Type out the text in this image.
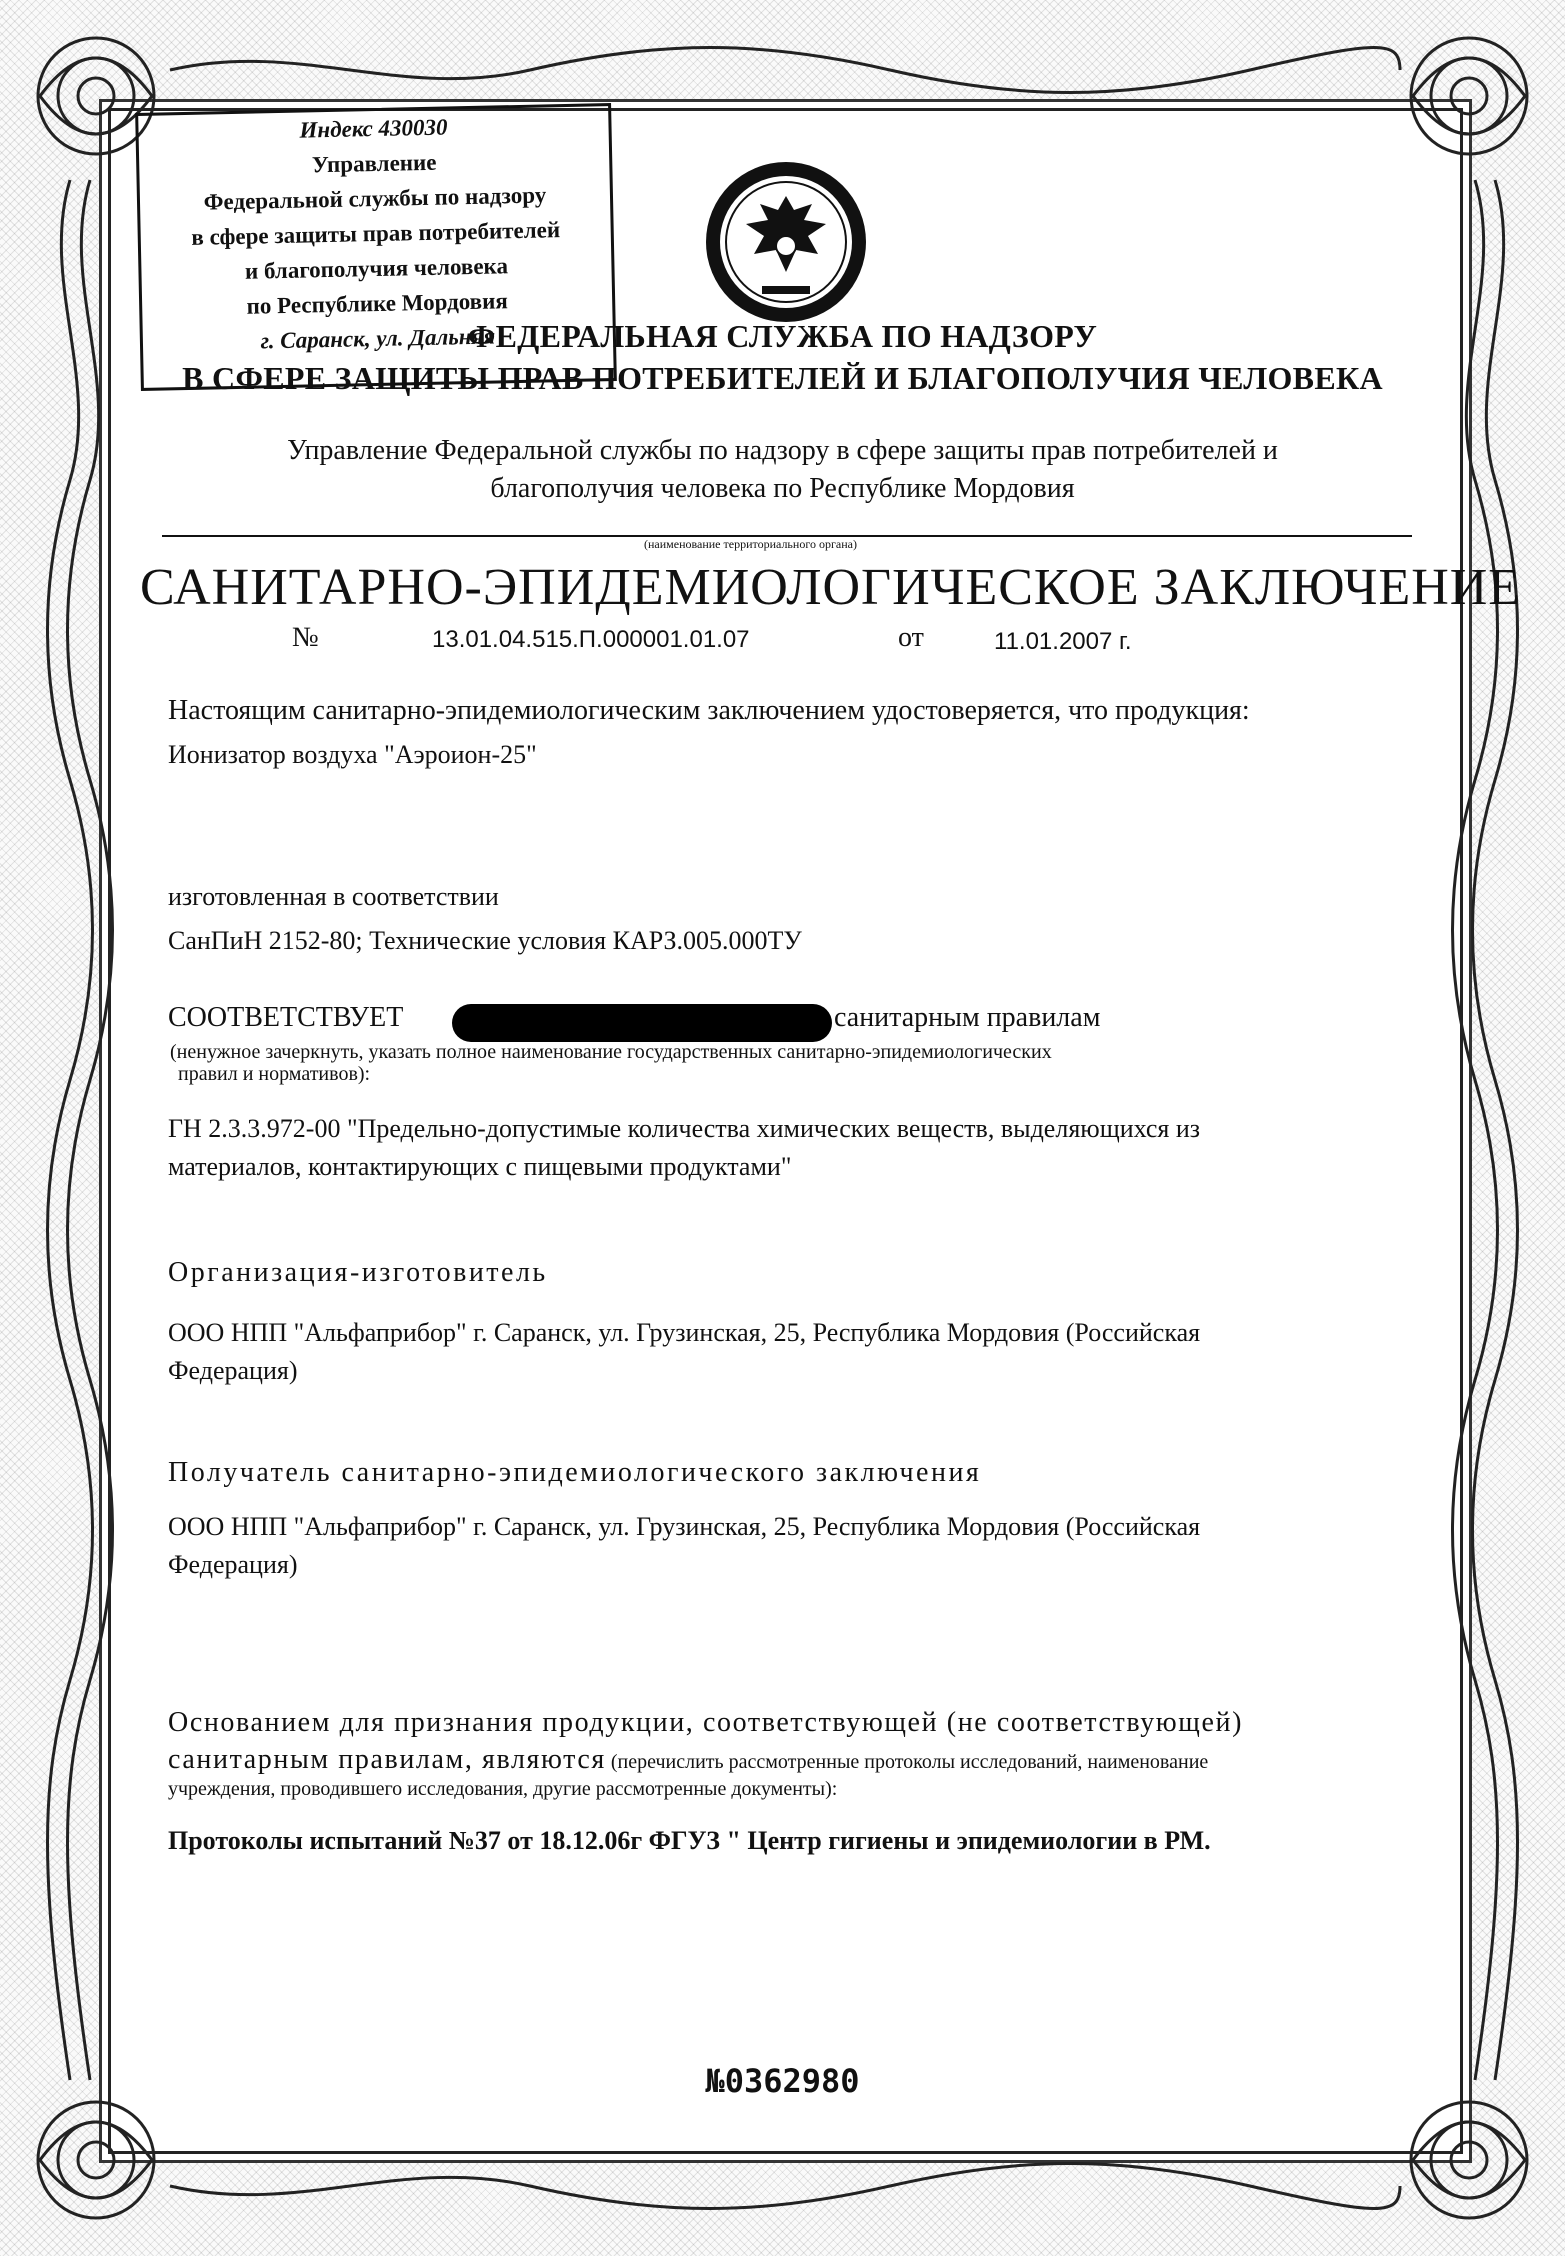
Индекс 430030
Управление
Федеральной службы по надзору
в сфере защиты прав потребителей
и благополучия человека
по Республике Мордовия
г. Саранск, ул. Дальняя
ФЕДЕРАЛЬНАЯ СЛУЖБА ПО НАДЗОРУ
В СФЕРЕ ЗАЩИТЫ ПРАВ ПОТРЕБИТЕЛЕЙ И БЛАГОПОЛУЧИЯ ЧЕЛОВЕКА
Управление Федеральной службы по надзору в сфере защиты прав потребителей и
благополучия человека по Республике Мордовия
(наименование территориального органа)
САНИТАРНО-ЭПИДЕМИОЛОГИЧЕСКОЕ ЗАКЛЮЧЕНИЕ
№	13.01.04.515.П.000001.01.07	от	11.01.2007 г.
Настоящим санитарно-эпидемиологическим заключением удостоверяется, что продукция:
Ионизатор воздуха "Аэроион-25"
изготовленная в соответствии
СанПиН 2152-80; Технические условия КАРЗ.005.000ТУ
СООТВЕТСТВУЕТ	санитарным правилам
(ненужное зачеркнуть, указать полное наименование государственных санитарно-эпидемиологических
правил и нормативов):
ГН 2.3.3.972-00 "Предельно-допустимые количества химических веществ, выделяющихся из
материалов, контактирующих с пищевыми продуктами"
Организация-изготовитель
ООО НПП "Альфаприбор" г. Саранск, ул. Грузинская, 25, Республика Мордовия (Российская
Федерация)
Получатель санитарно-эпидемиологического заключения
ООО НПП "Альфаприбор" г. Саранск, ул. Грузинская, 25, Республика Мордовия (Российская
Федерация)
Основанием для признания продукции, соответствующей (не соответствующей)
санитарным правилам, являются (перечислить рассмотренные протоколы исследований, наименование
учреждения, проводившего исследования, другие рассмотренные документы):
Протоколы испытаний №37 от 18.12.06г ФГУЗ " Центр гигиены и эпидемиологии в РМ.
№0362980
